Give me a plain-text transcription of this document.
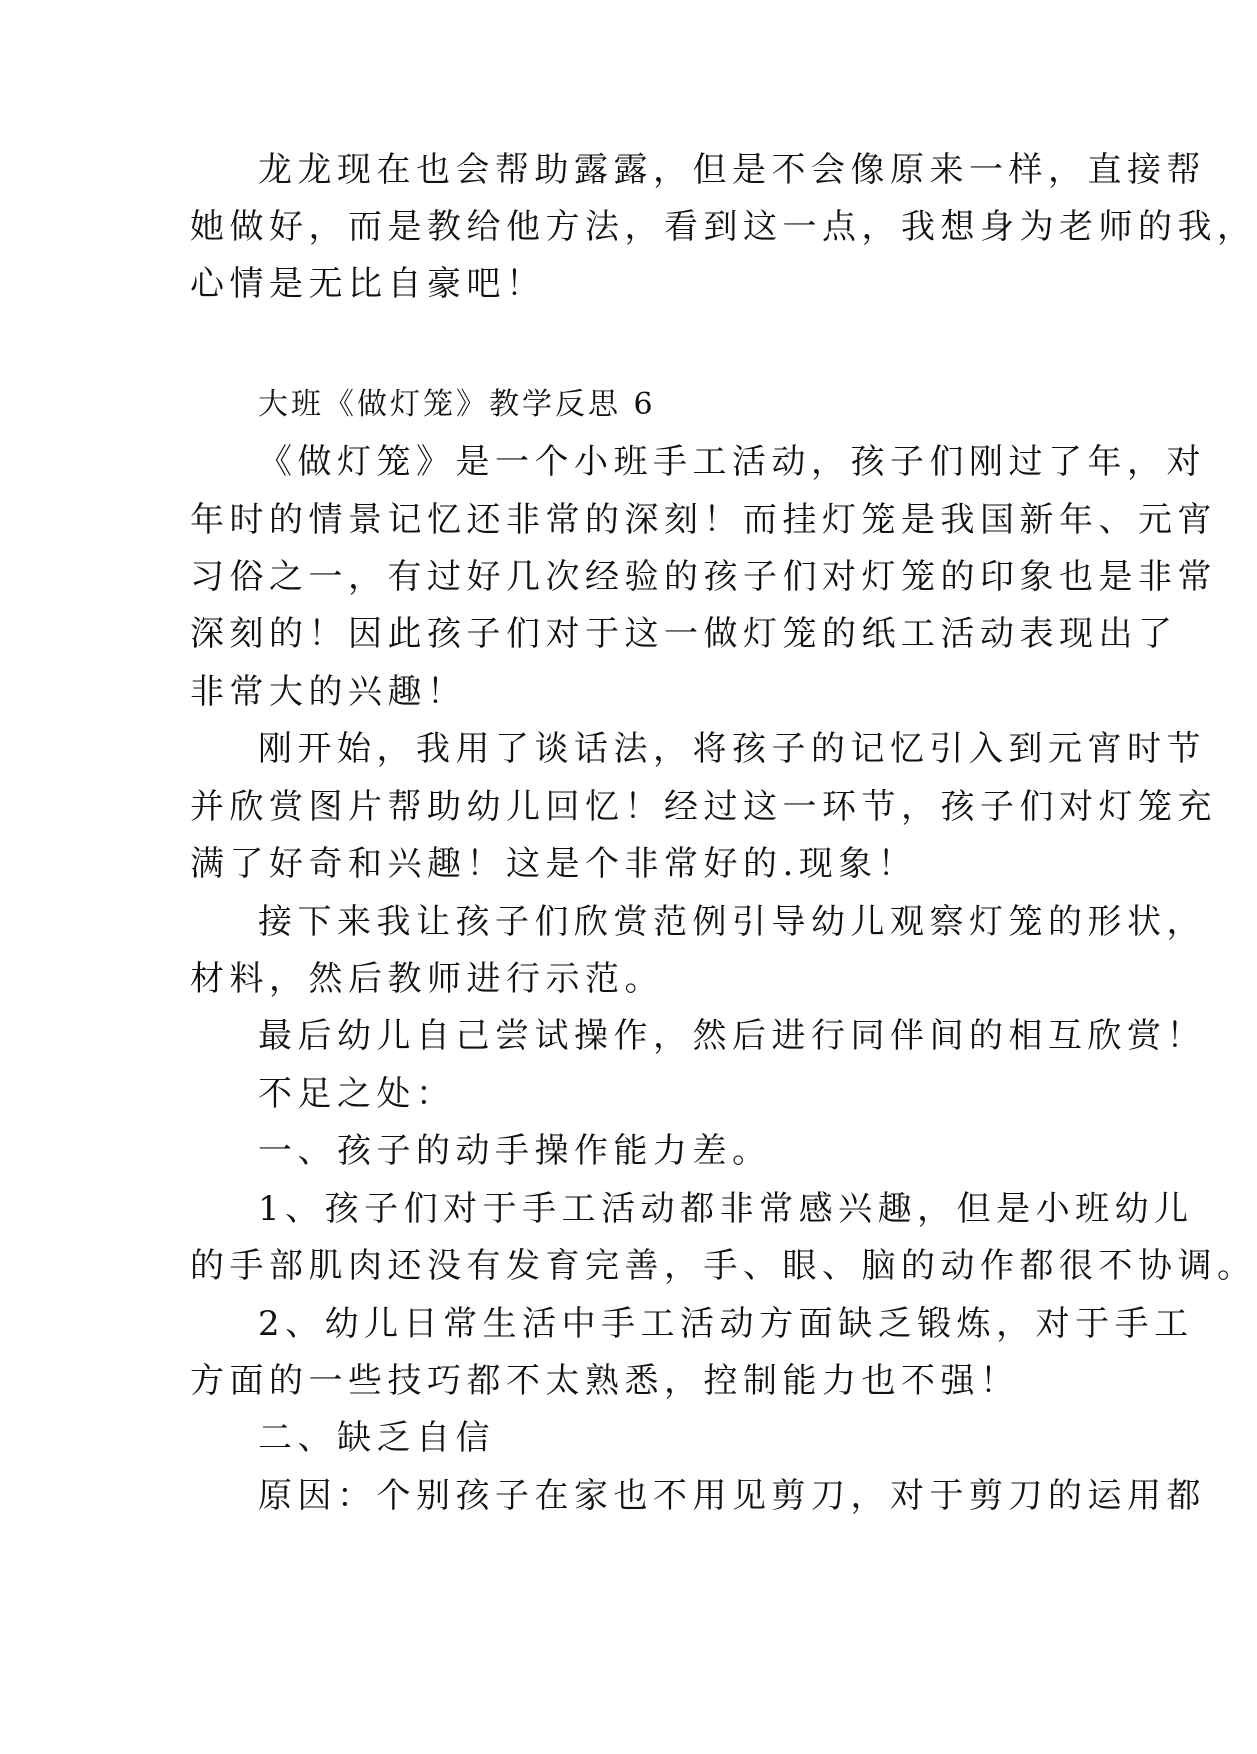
龙龙现在也会帮助露露，但是不会像原来一样，直接帮
她做好，而是教给他方法，看到这一点，我想身为老师的我，
心情是无比自豪吧！
大班《做灯笼》教学反思 6
《做灯笼》是一个小班手工活动，孩子们刚过了年，对
年时的情景记忆还非常的深刻！而挂灯笼是我国新年、元宵
习俗之一，有过好几次经验的孩子们对灯笼的印象也是非常
深刻的！因此孩子们对于这一做灯笼的纸工活动表现出了
非常大的兴趣！
刚开始，我用了谈话法，将孩子的记忆引入到元宵时节
并欣赏图片帮助幼儿回忆！经过这一环节，孩子们对灯笼充
满了好奇和兴趣！这是个非常好的.现象！
接下来我让孩子们欣赏范例引导幼儿观察灯笼的形状，
材料，然后教师进行示范。
最后幼儿自己尝试操作，然后进行同伴间的相互欣赏！
不足之处：
一、孩子的动手操作能力差。
1、孩子们对于手工活动都非常感兴趣，但是小班幼儿
的手部肌肉还没有发育完善，手、眼、脑的动作都很不协调。
2、幼儿日常生活中手工活动方面缺乏锻炼，对于手工
方面的一些技巧都不太熟悉，控制能力也不强！
二、缺乏自信
原因：个别孩子在家也不用见剪刀，对于剪刀的运用都
